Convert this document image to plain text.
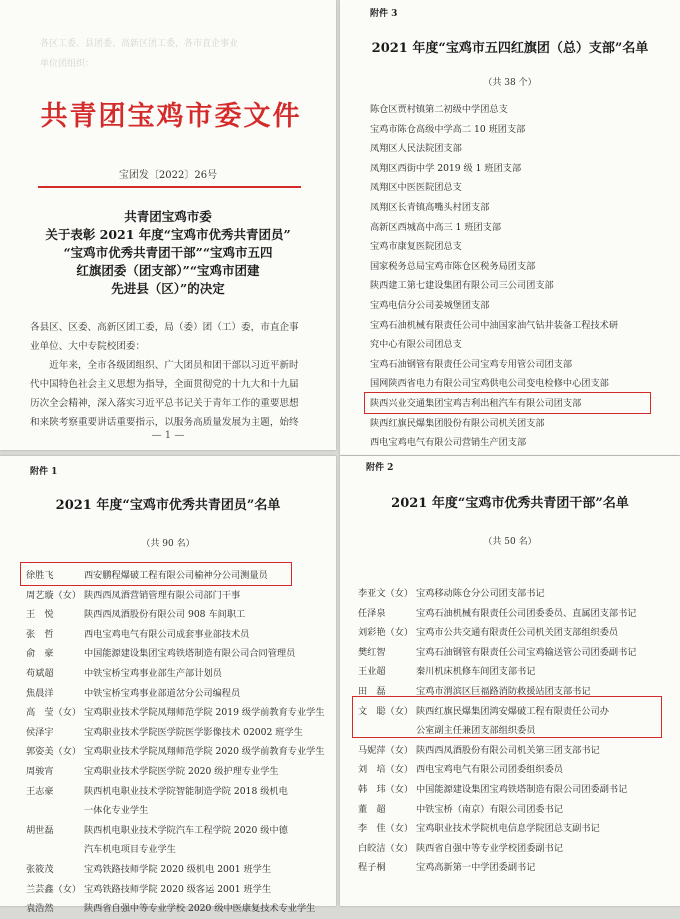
各区工委、县团委、高新区团工委，各市直企事业
单位团组织：
共青团宝鸡市委文件
宝团发〔2022〕26号
共青团宝鸡市委
关于表彰 2021 年度“宝鸡市优秀共青团员”
“宝鸡市优秀共青团干部”“宝鸡市五四
红旗团委（团支部）”“宝鸡市团建
先进县（区）”的决定
各县区、区委、高新区团工委，局（委）团（工）委，市直企事
业单位、大中专院校团委：
　　近年来，全市各级团组织、广大团员和团干部以习近平新时
代中国特色社会主义思想为指导，全面贯彻党的十九大和十九届
历次全会精神，深入落实习近平总书记关于青年工作的重要思想
和来陕考察重要讲话重要指示，以服务高质量发展为主题，始终
— 1 —
附件 3
2021 年度“宝鸡市五四红旗团（总）支部”名单
（共 38 个）
陈仓区贾村镇第二初级中学团总支
宝鸡市陈仓高级中学高二 10 班团支部
凤翔区人民法院团支部
凤翔区西街中学 2019 级 1 班团支部
凤翔区中医医院团总支
凤翔区长青镇高嘴头村团支部
高新区西城高中高三 1 班团支部
宝鸡市康复医院团总支
国家税务总局宝鸡市陈仓区税务局团支部
陕西建工第七建设集团有限公司三公司团支部
宝鸡电信分公司姜城堡团支部
宝鸡石油机械有限责任公司中油国家油气钻井装备工程技术研
究中心有限公司团总支
宝鸡石油钢管有限责任公司宝鸡专用管公司团支部
国网陕西省电力有限公司宝鸡供电公司变电检修中心团支部
陕西兴业交通集团宝鸡吉利出租汽车有限公司团支部
陕西红旗民爆集团股份有限公司机关团支部
西电宝鸡电气有限公司营销生产团支部
附件 1
2021 年度“宝鸡市优秀共青团员”名单
（共 90 名）
徐胜飞	西安鹏程爆破工程有限公司榆神分公司测量员
周艺璇（女） 陕西西凤酒营销管理有限公司部门干事
王　悦	陕西西凤酒股份有限公司 908 车间职工
张　哲	西电宝鸡电气有限公司成套事业部技术员
俞　豪	中国能源建设集团宝鸡铁塔制造有限公司合同管理员
苟斌超	中铁宝桥宝鸡事业部生产部计划员
焦晨洋	中铁宝桥宝鸡事业部道岔分公司编程员
高　莹（女） 宝鸡职业技术学院凤翔师范学院 2019 级学前教育专业学生
侯泽宇	宝鸡职业技术学院医学院医学影像技术 02002 班学生
郭姿美（女） 宝鸡职业技术学院凤翔师范学院 2020 级学前教育专业学生
周骏宵	宝鸡职业技术学院医学院 2020 级护理专业学生
王志豪	陕西机电职业技术学院智能制造学院 2018 级机电
一体化专业学生
胡世磊	陕西机电职业技术学院汽车工程学院 2020 级中德
汽车机电项目专业学生
张筱茂	宝鸡铁路技师学院 2020 级机电 2001 班学生
兰芸鑫（女） 宝鸡铁路技师学院 2020 级客运 2001 班学生
袁浩然	陕西省自强中等专业学校 2020 级中医康复技术专业学生
附件 2
2021 年度“宝鸡市优秀共青团干部”名单
（共 50 名）
李亚文（女） 宝鸡移动陈仓分公司团支部书记
任泽泉	宝鸡石油机械有限责任公司团委委员、直属团支部书记
刘彩艳（女） 宝鸡市公共交通有限责任公司机关团支部组织委员
樊红智	宝鸡石油钢管有限责任公司宝鸡输送管公司团委副书记
王业超	秦川机床机修车间团支部书记
田　磊	宝鸡市渭滨区巨福路消防救援站团支部书记
文　聪（女） 陕西红旗民爆集团鸿安爆破工程有限责任公司办
公室副主任兼团支部组织委员
马妮萍（女） 陕西西凤酒股份有限公司机关第三团支部书记
刘　培（女） 西电宝鸡电气有限公司团委组织委员
韩　玮（女） 中国能源建设集团宝鸡铁塔制造有限公司团委副书记
董　超	中铁宝桥（南京）有限公司团委书记
李　佳（女） 宝鸡职业技术学院机电信息学院团总支副书记
白皎洁（女） 陕西省自强中等专业学校团委副书记
程子桐	宝鸡高新第一中学团委副书记
